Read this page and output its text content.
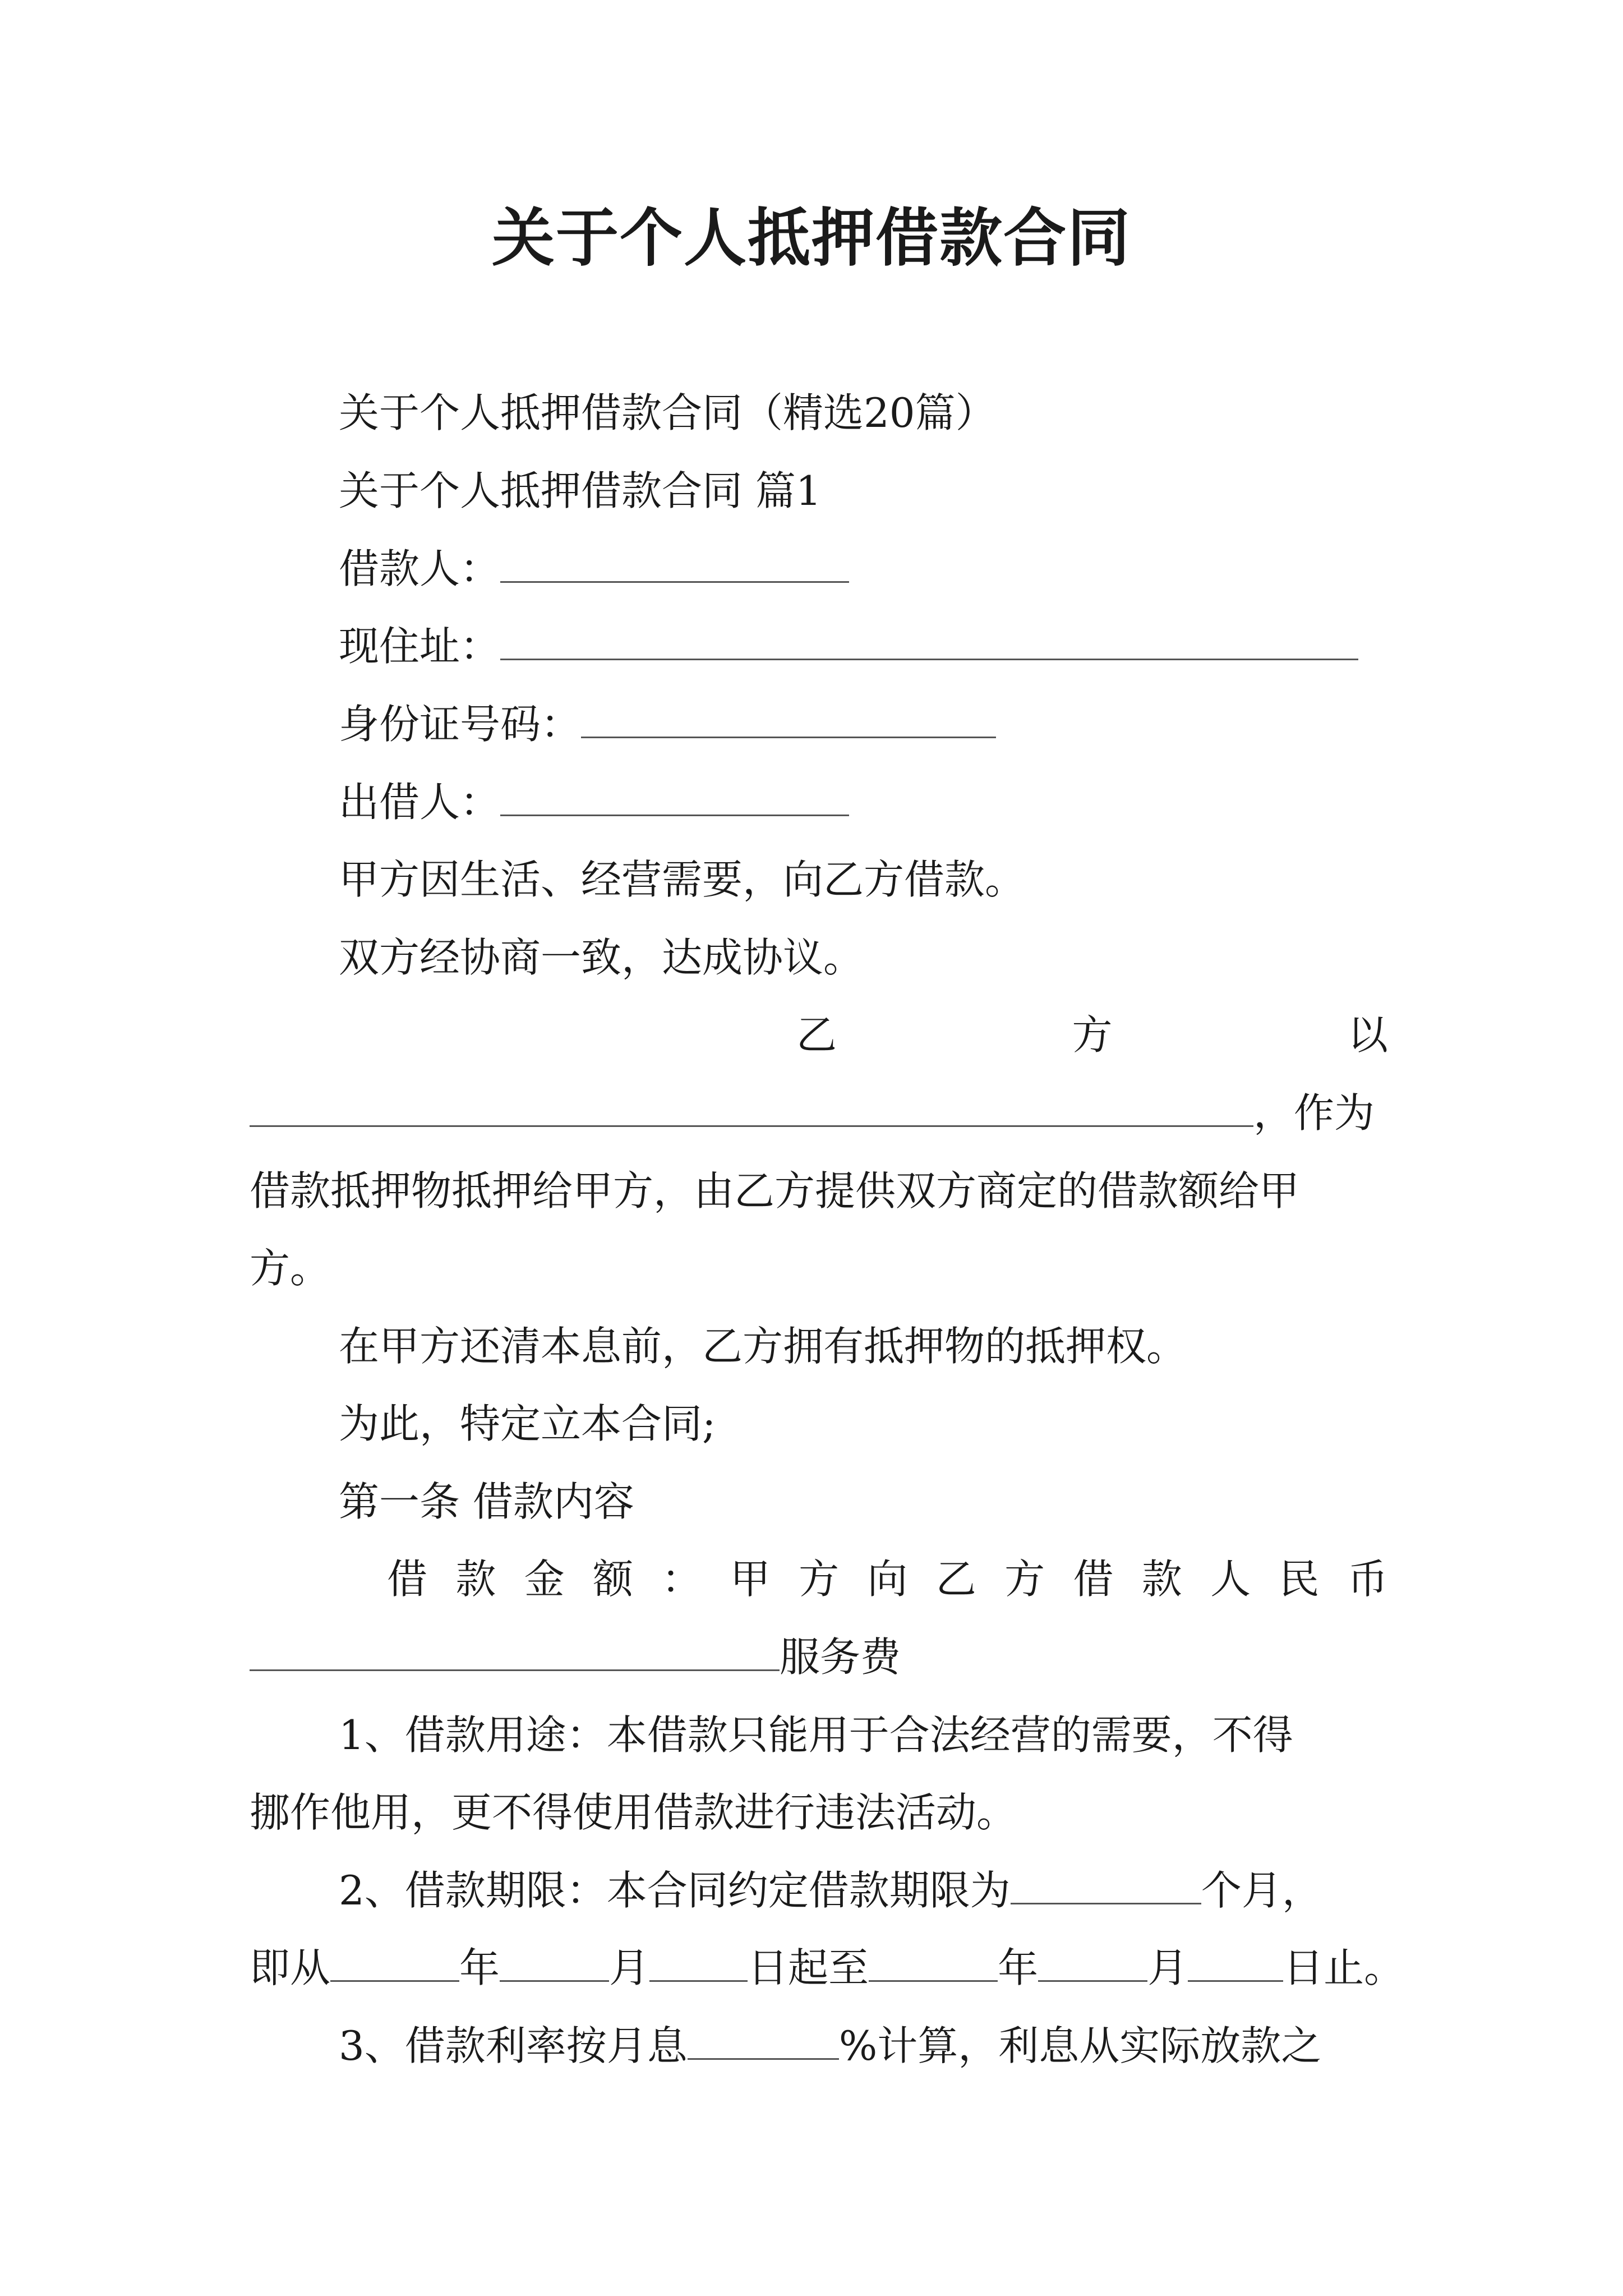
关于个人抵押借款合同
关于个人抵押借款合同（精选20篇）
关于个人抵押借款合同 篇1
借款人：
现住址：
身份证号码：
出借人：
甲方因生活、经营需要，向乙方借款。
双方经协商一致，达成协议。
乙	方	以
，作为
借款抵押物抵押给甲方，由乙方提供双方商定的借款额给甲
方。
在甲方还清本息前，乙方拥有抵押物的抵押权。
为此，特定立本合同;
第一条 借款内容
借 款 金 额 ： 甲 方 向 乙 方 借 款 人 民 币
服务费
1、借款用途：本借款只能用于合法经营的需要，不得
挪作他用，更不得使用借款进行违法活动。
2、借款期限：本合同约定借款期限为	个月，
即从	年	月 日起至	年	月 日止。
3、借款利率按月息	%计算，利息从实际放款之
